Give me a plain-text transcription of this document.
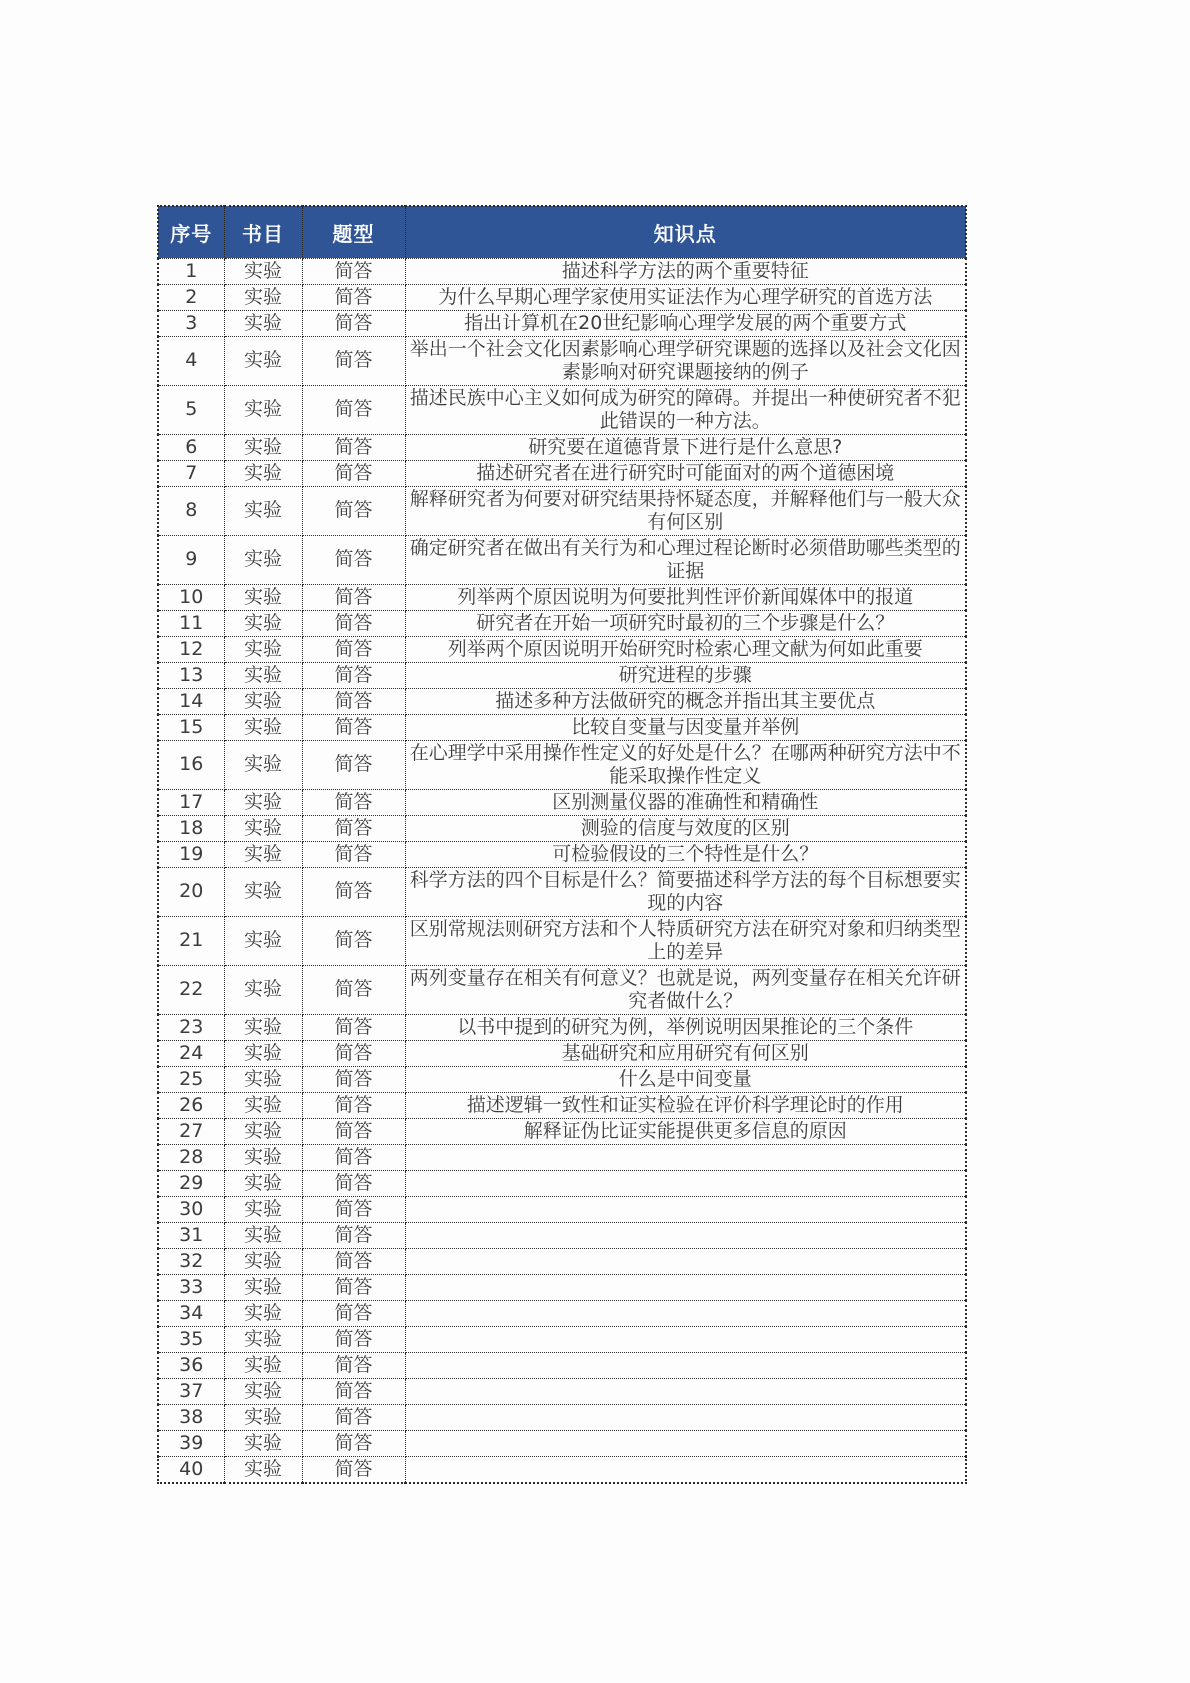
序号	书目	题型	知识点
1	实验	简答	描述科学方法的两个重要特征
2	实验	简答	为什么早期心理学家使用实证法作为心理学研究的首选方法
3	实验	简答	指出计算机在20世纪影响心理学发展的两个重要方式
4	实验	简答	举出一个社会文化因素影响心理学研究课题的选择以及社会文化因素影响对研究课题接纳的例子
5	实验	简答	描述民族中心主义如何成为研究的障碍。并提出一种使研究者不犯此错误的一种方法。
6	实验	简答	研究要在道德背景下进行是什么意思?
7	实验	简答	描述研究者在进行研究时可能面对的两个道德困境
8	实验	简答	解释研究者为何要对研究结果持怀疑态度，并解释他们与一般大众有何区别
9	实验	简答	确定研究者在做出有关行为和心理过程论断时必须借助哪些类型的证据
10	实验	简答	列举两个原因说明为何要批判性评价新闻媒体中的报道
11	实验	简答	研究者在开始一项研究时最初的三个步骤是什么？
12	实验	简答	列举两个原因说明开始研究时检索心理文献为何如此重要
13	实验	简答	研究进程的步骤
14	实验	简答	描述多种方法做研究的概念并指出其主要优点
15	实验	简答	比较自变量与因变量并举例
16	实验	简答	在心理学中采用操作性定义的好处是什么？在哪两种研究方法中不能采取操作性定义
17	实验	简答	区别测量仪器的准确性和精确性
18	实验	简答	测验的信度与效度的区别
19	实验	简答	可检验假设的三个特性是什么？
20	实验	简答	科学方法的四个目标是什么？简要描述科学方法的每个目标想要实现的内容
21	实验	简答	区别常规法则研究方法和个人特质研究方法在研究对象和归纳类型上的差异
22	实验	简答	两列变量存在相关有何意义？也就是说，两列变量存在相关允许研究者做什么？
23	实验	简答	以书中提到的研究为例，举例说明因果推论的三个条件
24	实验	简答	基础研究和应用研究有何区别
25	实验	简答	什么是中间变量
26	实验	简答	描述逻辑一致性和证实检验在评价科学理论时的作用
27	实验	简答	解释证伪比证实能提供更多信息的原因
28	实验	简答	
29	实验	简答	
30	实验	简答	
31	实验	简答	
32	实验	简答	
33	实验	简答	
34	实验	简答	
35	实验	简答	
36	实验	简答	
37	实验	简答	
38	实验	简答	
39	实验	简答	
40	实验	简答	
